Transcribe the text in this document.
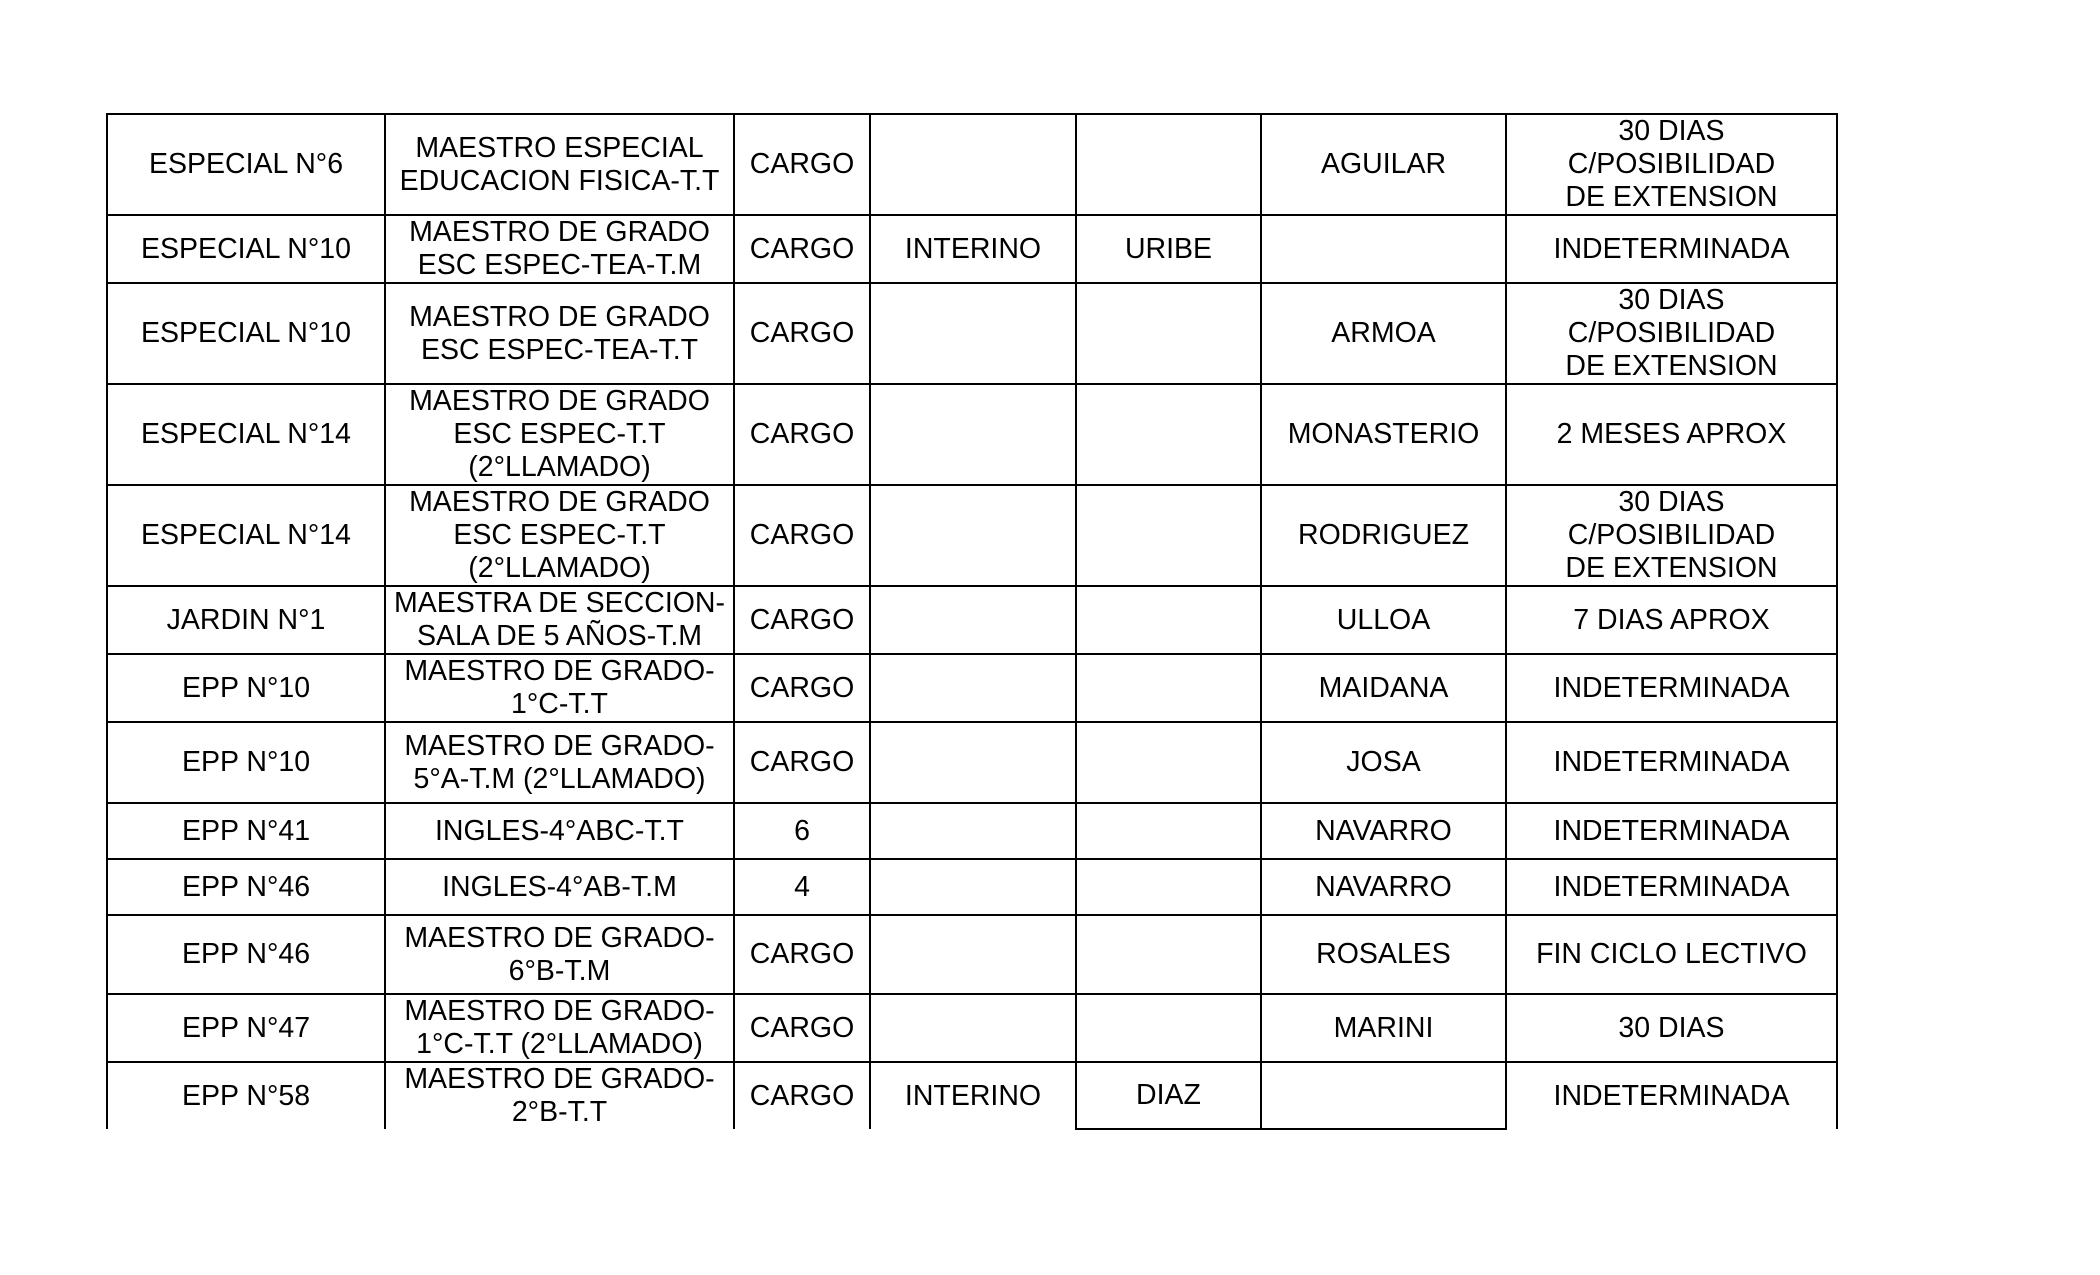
ESPECIAL N°6	MAESTRO ESPECIAL
EDUCACION FISICA-T.T	CARGO			AGUILAR	30 DIAS C/POSIBILIDAD
DE EXTENSION
ESPECIAL N°10	MAESTRO DE GRADO
ESC ESPEC-TEA-T.M	CARGO	INTERINO	URIBE		INDETERMINADA
ESPECIAL N°10	MAESTRO DE GRADO
ESC ESPEC-TEA-T.T	CARGO			ARMOA	30 DIAS C/POSIBILIDAD
DE EXTENSION
ESPECIAL N°14	MAESTRO DE GRADO
ESC ESPEC-T.T
(2°LLAMADO)	CARGO			MONASTERIO	2 MESES APROX
ESPECIAL N°14	MAESTRO DE GRADO
ESC ESPEC-T.T
(2°LLAMADO)	CARGO			RODRIGUEZ	30 DIAS C/POSIBILIDAD
DE EXTENSION
JARDIN N°1	MAESTRA DE SECCION-
SALA DE 5 AÑOS-T.M	CARGO			ULLOA	7 DIAS APROX
EPP N°10	MAESTRO DE GRADO-
1°C-T.T	CARGO			MAIDANA	INDETERMINADA
EPP N°10	MAESTRO DE GRADO-
5°A-T.M (2°LLAMADO)	CARGO			JOSA	INDETERMINADA
EPP N°41	INGLES-4°ABC-T.T	6			NAVARRO	INDETERMINADA
EPP N°46	INGLES-4°AB-T.M	4			NAVARRO	INDETERMINADA
EPP N°46	MAESTRO DE GRADO-
6°B-T.M	CARGO			ROSALES	FIN CICLO LECTIVO
EPP N°47	MAESTRO DE GRADO-
1°C-T.T (2°LLAMADO)	CARGO			MARINI	30 DIAS
EPP N°58	MAESTRO DE GRADO-
2°B-T.T	CARGO	INTERINO	DIAZ		INDETERMINADA
